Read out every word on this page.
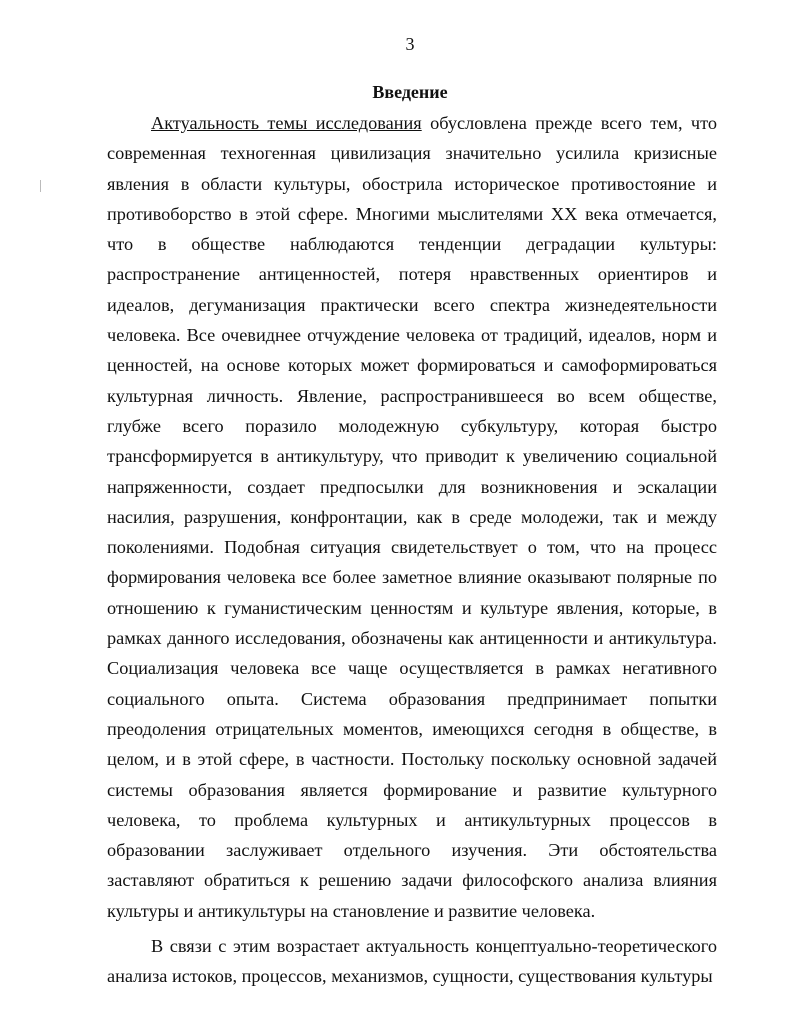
3
Введение

Актуальность темы исследования обусловлена прежде всего тем, что современная техногенная цивилизация значительно усилила кризисные явления в области культуры, обострила историческое противостояние и противоборство в этой сфере. Многими мыслителями XX века отмечается, что в обществе наблюдаются тенденции деградации культуры: распространение антиценностей, потеря нравственных ориентиров и идеалов, дегуманизация практически всего спектра жизнедеятельности человека. Все очевиднее отчуждение человека от традиций, идеалов, норм и ценностей, на основе которых может формироваться и самоформироваться культурная личность. Явление, распространившееся во всем обществе, глубже всего поразило молодежную субкультуру, которая быстро трансформируется в антикультуру, что приводит к увеличению социальной напряженности, создает предпосылки для возникновения и эскалации насилия, разрушения, конфронтации, как в среде молодежи, так и между поколениями. Подобная ситуация свидетельствует о том, что на процесс формирования человека все более заметное влияние оказывают полярные по отношению к гуманистическим ценностям и культуре явления, которые, в рамках данного исследования, обозначены как антиценности и антикультура. Социализация человека все чаще осуществляется в рамках негативного социального опыта. Система образования предпринимает попытки преодоления отрицательных моментов, имеющихся сегодня в обществе, в целом, и в этой сфере, в частности. Постольку поскольку основной задачей системы образования является формирование и развитие культурного человека, то проблема культурных и антикультурных процессов в образовании заслуживает отдельного изучения. Эти обстоятельства заставляют обратиться к решению задачи философского анализа влияния культуры и антикультуры на становление и развитие человека.

В связи с этим возрастает актуальность концептуально-теоретического анализа истоков, процессов, механизмов, сущности, существования культуры
